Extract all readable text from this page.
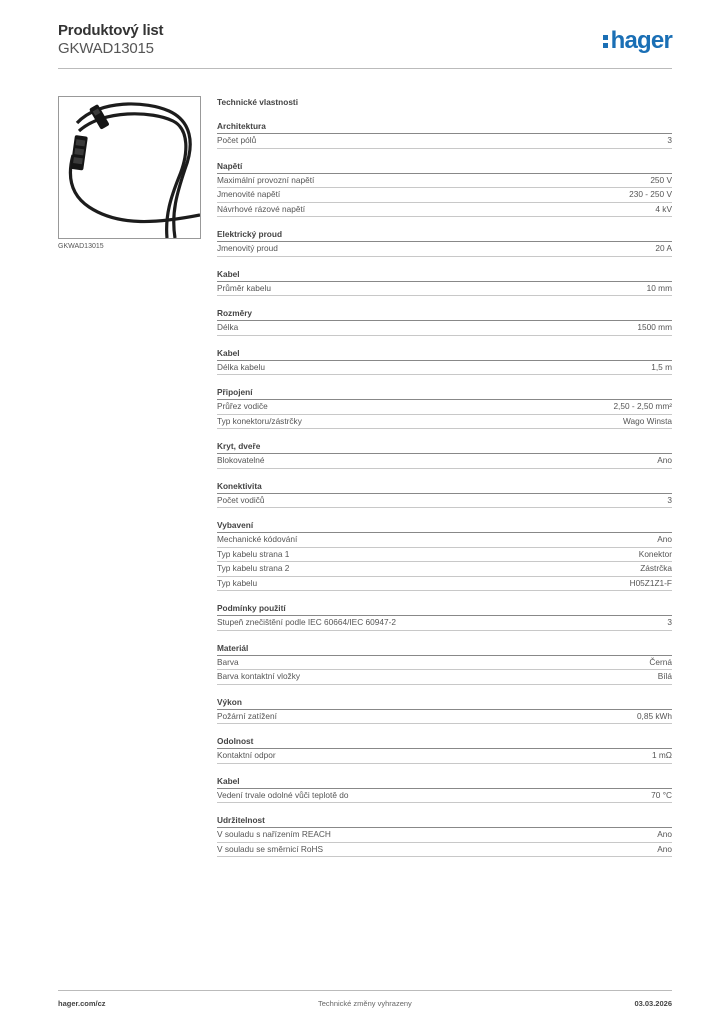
Produktový list
GKWAD13015	hager
GKWAD13015
Technické vlastnosti
Architektura
Počet pólů	3
Napětí
Maximální provozní napětí	250 V
Jmenovité napětí	230 - 250 V
Návrhové rázové napětí	4 kV
Elektrický proud
Jmenovitý proud	20 A
Kabel
Průměr kabelu	10 mm
Rozměry
Délka	1500 mm
Kabel
Délka kabelu	1,5 m
Připojení
Průřez vodiče	2,50 - 2,50 mm²
Typ konektoru/zástrčky	Wago Winsta
Kryt, dveře
Blokovatelné	Ano
Konektivita
Počet vodičů	3
Vybavení
Mechanické kódování	Ano
Typ kabelu strana 1	Konektor
Typ kabelu strana 2	Zástrčka
Typ kabelu	H05Z1Z1-F
Podmínky použití
Stupeň znečištění podle IEC 60664/IEC 60947-2	3
Materiál
Barva	Černá
Barva kontaktní vložky	Bílá
Výkon
Požární zatížení	0,85 kWh
Odolnost
Kontaktní odpor	1 mΩ
Kabel
Vedení trvale odolné vůči teplotě do	70 °C
Udržitelnost
V souladu s nařízením REACH	Ano
V souladu se směrnicí RoHS	Ano
hager.com/cz	Technické změny vyhrazeny	03.03.2026
